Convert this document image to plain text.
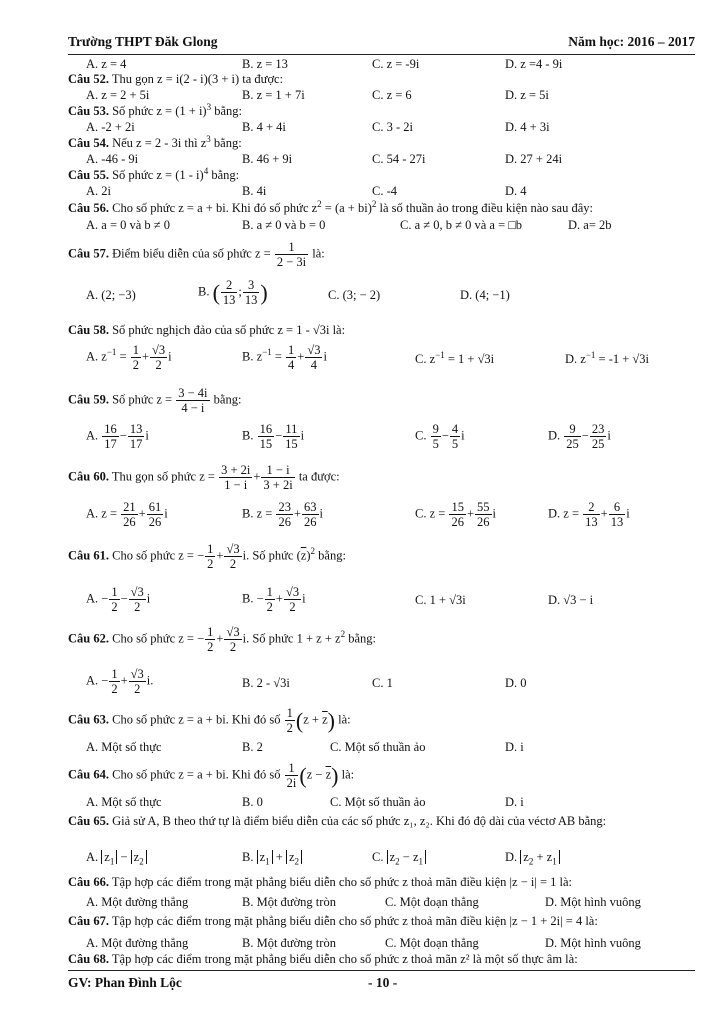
Trường THPT Đăk Glong	Năm học: 2016 – 2017
A. z = 4	B. z = 13	C. z = -9i	D. z =4 - 9i
Câu 52. Thu gọn z = i(2 - i)(3 + i) ta được:
A. z = 2 + 5i	B. z = 1 + 7i	C. z = 6	D. z = 5i
Câu 53. Số phức $z = (1 + i)^3$ bằng:
A. -2 + 2i	B. 4 + 4i	C. 3 - 2i	D. 4 + 3i
Câu 54. Nếu z = 2 - 3i thì $z^3$ bằng:
A. -46 - 9i	B. 46 + 9i	C. 54 - 27i	D. 27 + 24i
Câu 55. Số phức z = (1 - i)$^4$ bằng:
A. 2i	B. 4i	C. -4	D. 4
Câu 56. Cho số phức z = a + bi. Khi đó số phức $z^2 = (a + bi)^2$ là số thuần ảo trong điều kiện nào sau đây:
A. a = 0 và b ≠ 0	B. a ≠ 0 và b = 0	C. a ≠ 0, b ≠ 0 và a = □b	D. a= 2b
Câu 57. Điểm biểu diễn của số phức $z = \frac{1}{2 - 3i}$ là:
A. (2; −3)	B. ( $\frac{2}{13}$ ; $\frac{3}{13}$ )	C. (3; − 2)	D. (4; −1)
Câu 58. Số phức nghịch đảo của số phức z = 1 - √3i là:
A. $z^{-1} = \frac{1}{2} + \frac{√3}{2}$ i	B. $z^{-1} = \frac{1}{4} + \frac{√3}{4}$ i	C. $z^{-1} = 1 + √3i$	D. $z^{-1} = -1 + √3i$
Câu 59. Số phức $z = \frac{3 - 4i}{4 - i}$ bằng:
A. $\frac{16}{17} - \frac{13}{17}$ i	B. $\frac{16}{15} - \frac{11}{15}$ i	C. $\frac{9}{5} - \frac{4}{5}$ i	D. $\frac{9}{25} - \frac{23}{25}$ i
Câu 60. Thu gọn số phức $z = \frac{3 + 2i}{1 - i} + \frac{1 - i}{3 + 2i}$ ta được:
A. $z = \frac{21}{26} + \frac{61}{26}$ i	B. $z = \frac{23}{26} + \frac{63}{26}$ i	C. $z = \frac{15}{26} + \frac{55}{26}$ i	D. $z = \frac{2}{13} + \frac{6}{13}$ i
Câu 61. Cho số phức z = − $\frac{1}{2} + \frac{√3}{2} i$. Số phức $(\overline{z})^2$ bằng:
A. − $\frac{1}{2} - \frac{√3}{2}$ i	B. − $\frac{1}{2} + \frac{√3}{2}$ i	C. 1 + √3i	D. √3 − i
Câu 62. Cho số phức z = − $\frac{1}{2} + \frac{√3}{2} i$. Số phức $1 + z + z^2$ bằng:
A. − $\frac{1}{2} + \frac{√3}{2} i$.	B. 2 - √3i	C. 1	D. 0
Câu 63. Cho số phức z = a + bi. Khi đó số $\frac{1}{2} (z + \overline{z})$ là:
A. Một số thực	B. 2	C. Một số thuần ảo	D. i
Câu 64. Cho số phức z = a + bi. Khi đó số $\frac{1}{2i} (z - \overline{z})$ là:
A. Một số thực	B. 0	C. Một số thuần ảo	D. i
Câu 65. Giả sử A, B theo thứ tự là điểm biểu diễn của các số phức z₁, z₂. Khi đó độ dài của véctơ AB bằng:
A. $z_1 - z_2$	B. $z_1 + z_2$	C. $z_2 - z_1$	D. $z_2 + z_1$
Câu 66. Tập hợp các điểm trong mặt phẳng biểu diễn cho số phức z thoả mãn điều kiện |z − i| = 1 là:
A. Một đường thẳng	B. Một đường tròn	C. Một đoạn thẳng	D. Một hình vuông
Câu 67. Tập hợp các điểm trong mặt phẳng biểu diễn cho số phức z thoả mãn điều kiện |z − 1 + 2i| = 4 là:
A. Một đường thẳng	B. Một đường tròn	C. Một đoạn thẳng	D. Một hình vuông
Câu 68. Tập hợp các điểm trong mặt phẳng biểu diễn cho số phức z thoả mãn z² là một số thực âm là:
GV: Phan Đình Lộc	- 10 -
